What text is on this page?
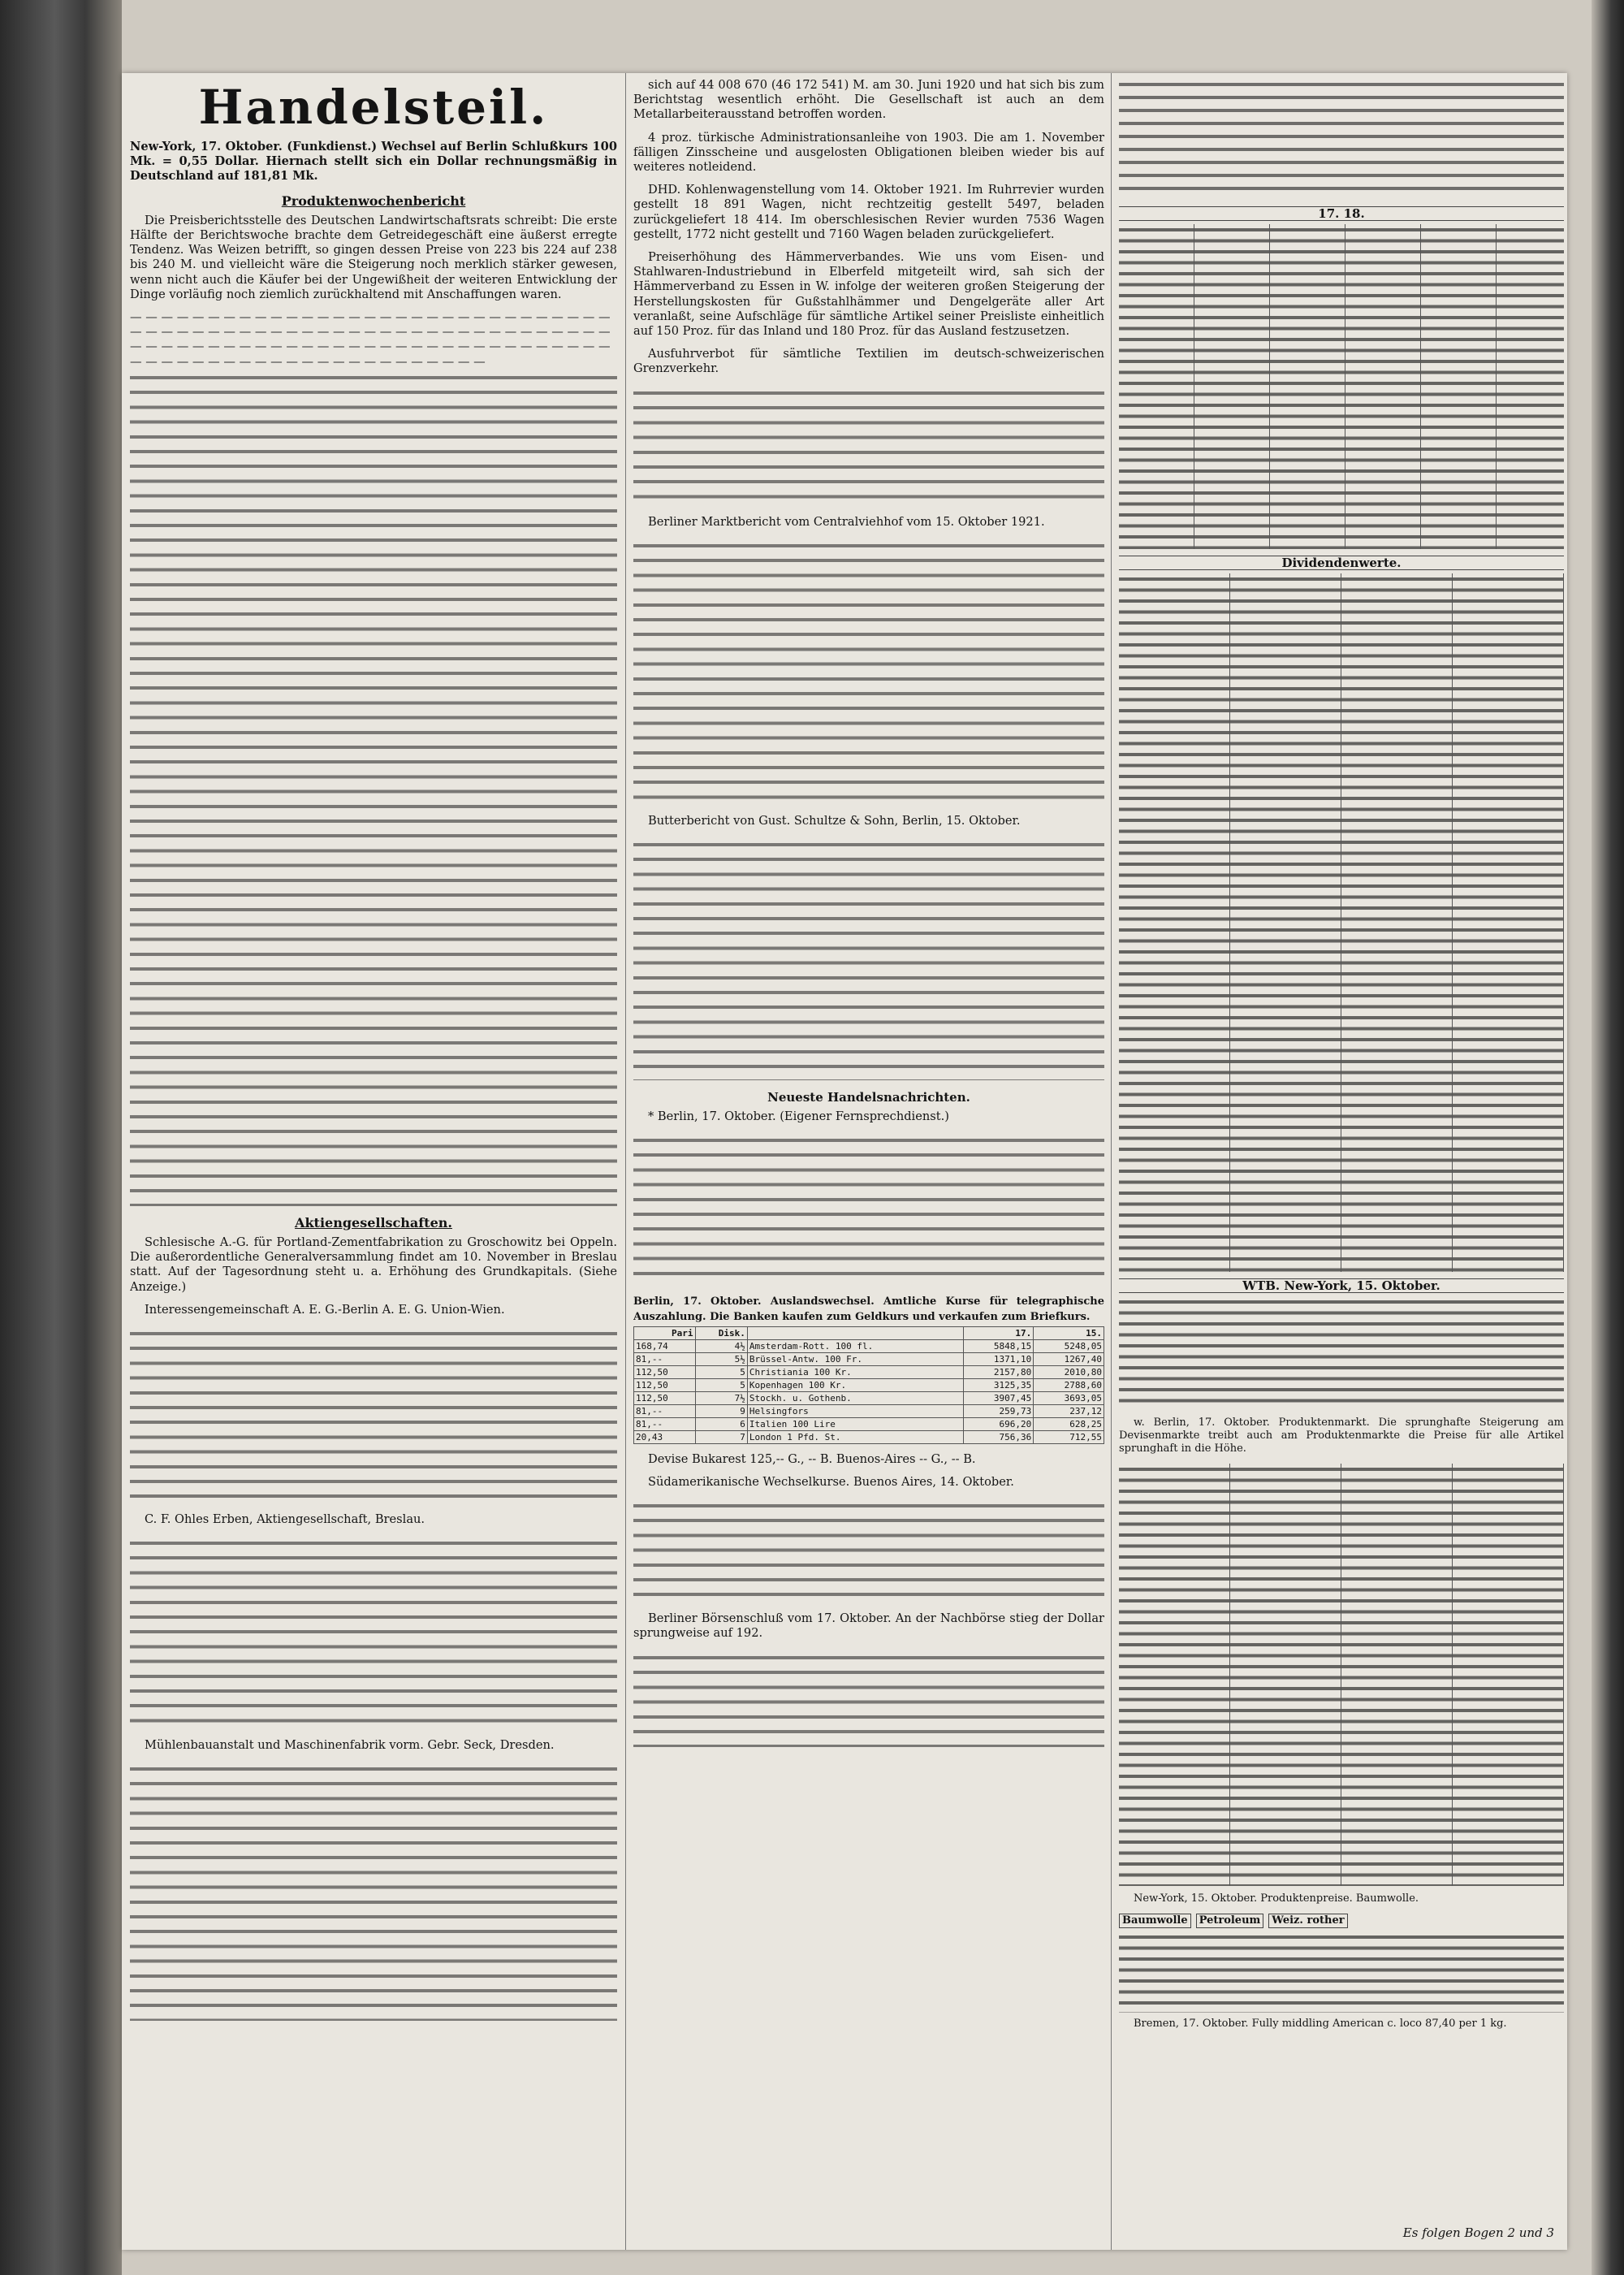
Handelsteil.
New-York, 17. Oktober. (Funkdienst.) Wechsel auf Berlin Schlußkurs 100 Mk. = 0,55 Dollar. Hiernach stellt sich ein Dollar rechnungsmäßig in Deutschland auf 181,81 Mk.
Produktenwochenbericht

Die Preisberichtsstelle des Deutschen Landwirtschaftsrats schreibt: Die erste Hälfte der Berichtswoche brachte dem Getreidegeschäft eine äußerst erregte Tendenz. Was Weizen betrifft, so gingen dessen Preise von 223 bis 224 auf 238 bis 240 M. und vielleicht wäre die Steigerung noch merklich stärker gewesen, wenn nicht auch die Käufer bei der Ungewißheit der weiteren Entwicklung der Dinge vorläufig noch ziemlich zurückhaltend mit Anschaffungen waren.

— — — — — — — — — — — — — — — — — — — — — — — — — — — — — — —
— — — — — — — — — — — — — — — — — — — — — — — — — — — — — — —
— — — — — — — — — — — — — — — — — — — — — — — — — — — — — — —
— — — — — — — — — — — — — — — — — — — — — — —
Aktiengesellschaften.

Schlesische A.-G. für Portland-Zementfabrikation zu Groschowitz bei Oppeln. Die außerordentliche Generalversammlung findet am 10. November in Breslau statt. Auf der Tagesordnung steht u. a. Erhöhung des Grundkapitals. (Siehe Anzeige.)

Interessengemeinschaft A. E. G.-Berlin A. E. G. Union-Wien.

C. F. Ohles Erben, Aktiengesellschaft, Breslau.

Mühlenbauanstalt und Maschinenfabrik vorm. Gebr. Seck, Dresden.

sich auf 44 008 670 (46 172 541) M. am 30. Juni 1920 und hat sich bis zum Berichtstag wesentlich erhöht. Die Gesellschaft ist auch an dem Metallarbeiterausstand betroffen worden.

4 proz. türkische Administrationsanleihe von 1903. Die am 1. November fälligen Zinsscheine und ausgelosten Obligationen bleiben wieder bis auf weiteres notleidend.

DHD. Kohlenwagenstellung vom 14. Oktober 1921. Im Ruhrrevier wurden gestellt 18 891 Wagen, nicht rechtzeitig gestellt 5497, beladen zurückgeliefert 18 414. Im oberschlesischen Revier wurden 7536 Wagen gestellt, 1772 nicht gestellt und 7160 Wagen beladen zurückgeliefert.

Preiserhöhung des Hämmerverbandes. Wie uns vom Eisen- und Stahlwaren-Industriebund in Elberfeld mitgeteilt wird, sah sich der Hämmerverband zu Essen in W. infolge der weiteren großen Steigerung der Herstellungskosten für Gußstahlhämmer und Dengelgeräte aller Art veranlaßt, seine Aufschläge für sämtliche Artikel seiner Preisliste einheitlich auf 150 Proz. für das Inland und 180 Proz. für das Ausland festzusetzen.

Ausfuhrverbot für sämtliche Textilien im deutsch-schweizerischen Grenzverkehr.

Berliner Marktbericht vom Centralviehhof vom 15. Oktober 1921.

Butterbericht von Gust. Schultze & Sohn, Berlin, 15. Oktober.

Neueste Handelsnachrichten.

* Berlin, 17. Oktober. (Eigener Fernsprechdienst.)

Berlin, 17. Oktober. Auslandswechsel. Amtliche Kurse für telegraphische Auszahlung. Die Banken kaufen zum Geldkurs und verkaufen zum Briefkurs.
Pari	Disk.		17.	15.
168,74	4½	Amsterdam-Rott. 100 fl.	5848,15	5248,05
81,--	5½	Brüssel-Antw. 100 Fr.	1371,10	1267,40
112,50	5	Christiania 100 Kr.	2157,80	2010,80
112,50	5	Kopenhagen 100 Kr.	3125,35	2788,60
112,50	7½	Stockh. u. Gothenb.	3907,45	3693,05
81,--	9	Helsingfors	259,73	237,12
81,--	6	Italien 100 Lire	696,20	628,25
20,43	7	London 1 Pfd. St.	756,36	712,55

Devise Bukarest 125,-- G., -- B. Buenos-Aires -- G., -- B.

Südamerikanische Wechselkurse. Buenos Aires, 14. Oktober.

Berliner Börsenschluß vom 17. Oktober. An der Nachbörse stieg der Dollar sprungweise auf 192.

17. 18.
Dividendenwerte.
WTB. New-York, 15. Oktober.

w. Berlin, 17. Oktober. Produktenmarkt. Die sprunghafte Steigerung am Devisenmarkte treibt auch am Produktenmarkte die Preise für alle Artikel sprunghaft in die Höhe.

New-York, 15. Oktober. Produktenpreise. Baumwolle.

Baumwolle	Petroleum	Weiz. rother

Bremen, 17. Oktober. Fully middling American c. loco 87,40 per 1 kg.

Es folgen Bogen 2 und 3
